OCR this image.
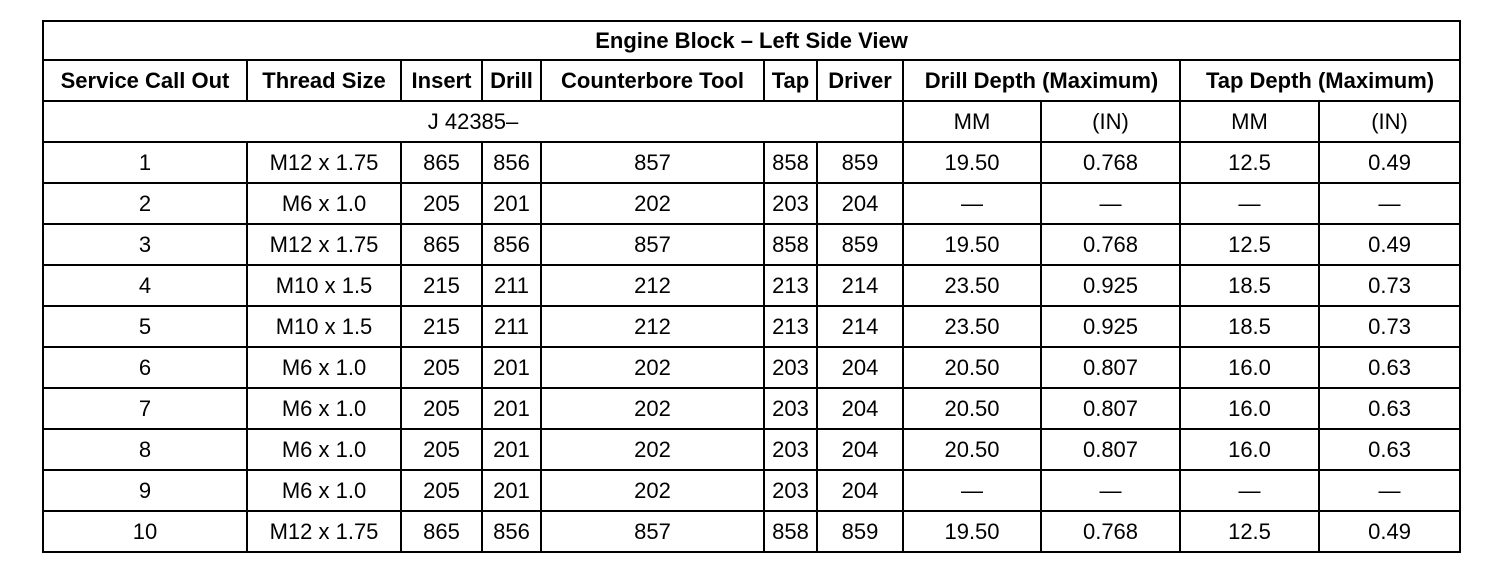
Engine Block – Left Side View										
Service Call Out	Thread Size	Insert	Drill	Counterbore Tool	Tap	Driver	Drill Depth (Maximum)		Tap Depth (Maximum)	
J 42385–							MM	(IN)	MM	(IN)
1	M12 x 1.75	865	856	857	858	859	19.50	0.768	12.5	0.49
2	M6 x 1.0	205	201	202	203	204	—	—	—	—
3	M12 x 1.75	865	856	857	858	859	19.50	0.768	12.5	0.49
4	M10 x 1.5	215	211	212	213	214	23.50	0.925	18.5	0.73
5	M10 x 1.5	215	211	212	213	214	23.50	0.925	18.5	0.73
6	M6 x 1.0	205	201	202	203	204	20.50	0.807	16.0	0.63
7	M6 x 1.0	205	201	202	203	204	20.50	0.807	16.0	0.63
8	M6 x 1.0	205	201	202	203	204	20.50	0.807	16.0	0.63
9	M6 x 1.0	205	201	202	203	204	—	—	—	—
10	M12 x 1.75	865	856	857	858	859	19.50	0.768	12.5	0.49
